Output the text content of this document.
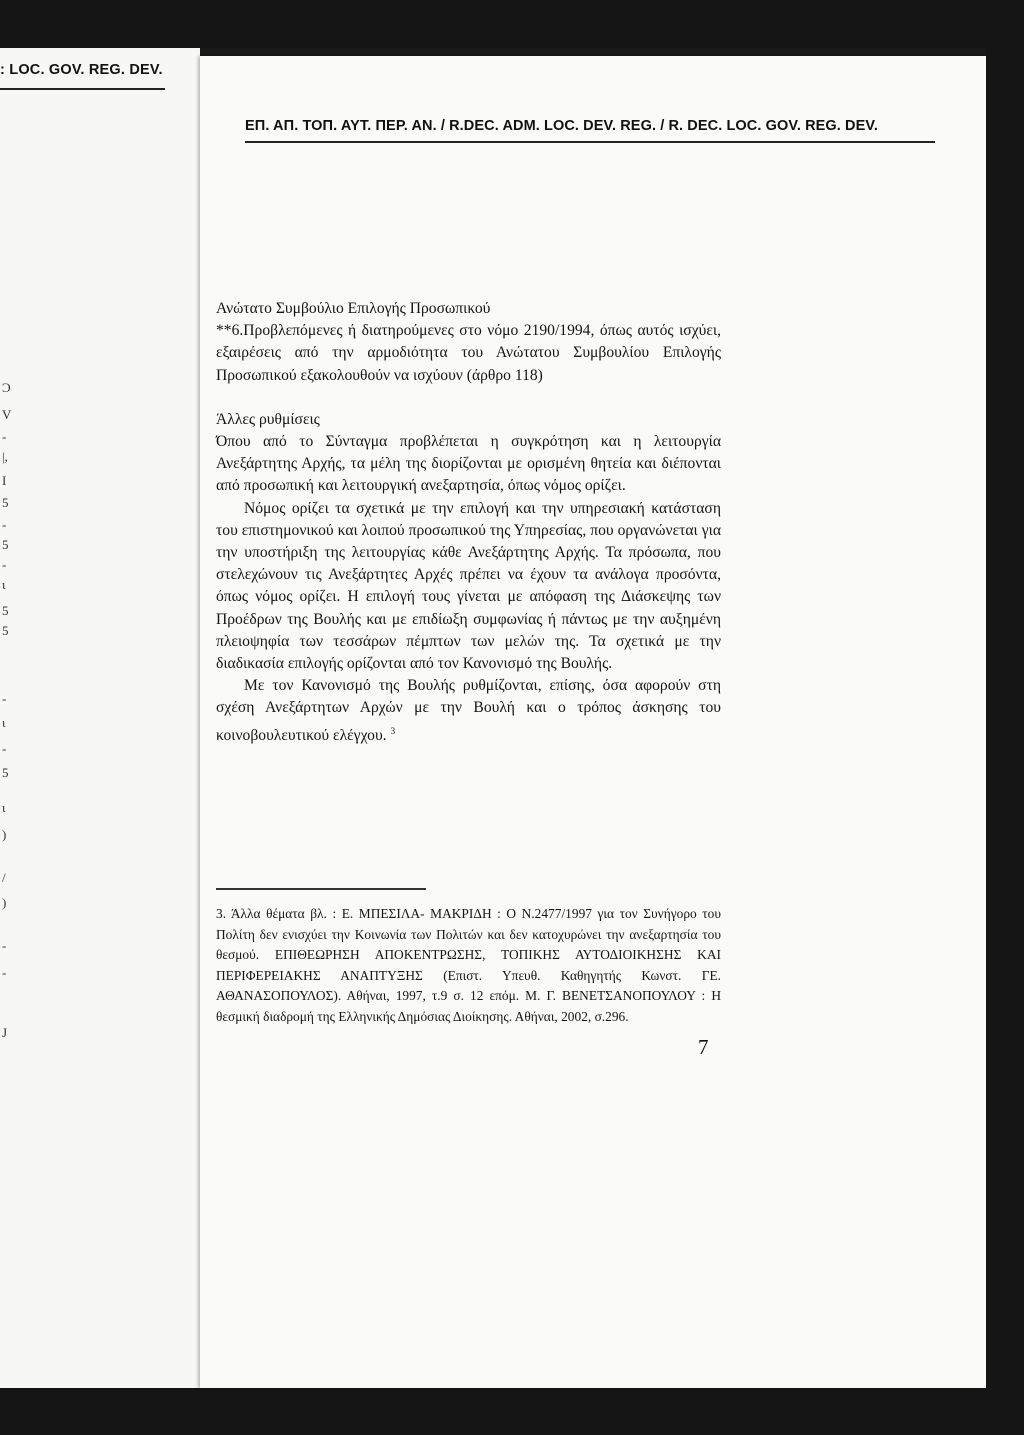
: LOC. GOV. REG. DEV.
Ͻ
V
-
|,
Ι
5
-
5
-
ι
5
5
-
ι
-
5
ι
)
/
)
-
-
J
ΕΠ. ΑΠ. ΤΟΠ. ΑΥΤ. ΠΕΡ. ΑΝ. / R.DEC. ADM. LOC. DEV. REG. / R. DEC. LOC. GOV. REG. DEV.

Ανώτατο Συμβούλιο Επιλογής Προσωπικού

**6.Προβλεπόμενες ή διατηρούμενες στο νόμο 2190/1994, όπως αυτός ισχύει, εξαιρέσεις από την αρμοδιότητα του Ανώτατου Συμβουλίου Επιλογής Προσωπικού εξακολουθούν να ισχύουν (άρθρο 118)

Άλλες ρυθμίσεις

Όπου από το Σύνταγμα προβλέπεται η συγκρότηση και η λειτουργία Ανεξάρτητης Αρχής, τα μέλη της διορίζονται με ορισμένη θητεία και διέπονται από προσωπική και λειτουργική ανεξαρτησία, όπως νόμος ορίζει.

Νόμος ορίζει τα σχετικά με την επιλογή και την υπηρεσιακή κατάσταση του επιστημονικού και λοιπού προσωπικού της Υπηρεσίας, που οργανώνεται για την υποστήριξη της λειτουργίας κάθε Ανεξάρτητης Αρχής. Τα πρόσωπα, που στελεχώνουν τις Ανεξάρτητες Αρχές πρέπει να έχουν τα ανάλογα προσόντα, όπως νόμος ορίζει. Η επιλογή τους γίνεται με απόφαση της Διάσκεψης των Προέδρων της Βουλής και με επιδίωξη συμφωνίας ή πάντως με την αυξημένη πλειοψηφία των τεσσάρων πέμπτων των μελών της. Τα σχετικά με την διαδικασία επιλογής ορίζονται από τον Κανονισμό της Βουλής.

Με τον Κανονισμό της Βουλής ρυθμίζονται, επίσης, όσα αφορούν στη σχέση Ανεξάρτητων Αρχών με την Βουλή και ο τρόπος άσκησης του κοινοβουλευτικού ελέγχου. $^3$

3. Άλλα θέματα βλ. : Ε. ΜΠΕΣΙΛΑ- ΜΑΚΡΙΔΗ : Ο Ν.2477/1997 για τον Συνήγορο του Πολίτη δεν ενισχύει την Κοινωνία των Πολιτών και δεν κατοχυρώνει την ανεξαρτησία του θεσμού. ΕΠΙΘΕΩΡΗΣΗ ΑΠΟΚΕΝΤΡΩΣΗΣ, ΤΟΠΙΚΗΣ ΑΥΤΟΔΙΟΙΚΗΣΗΣ ΚΑΙ ΠΕΡΙΦΕΡΕΙΑΚΗΣ ΑΝΑΠΤΥΞΗΣ (Επιστ. Υπευθ. Καθηγητής Κωνστ. ΓΕ. ΑΘΑΝΑΣΟΠΟΥΛΟΣ). Αθήναι, 1997, τ.9 σ. 12 επόμ. Μ. Γ. ΒΕΝΕΤΣΑΝΟΠΟΥΛΟΥ : Η θεσμική διαδρομή της Ελληνικής Δημόσιας Διοίκησης. Αθήναι, 2002, σ.296.
7
